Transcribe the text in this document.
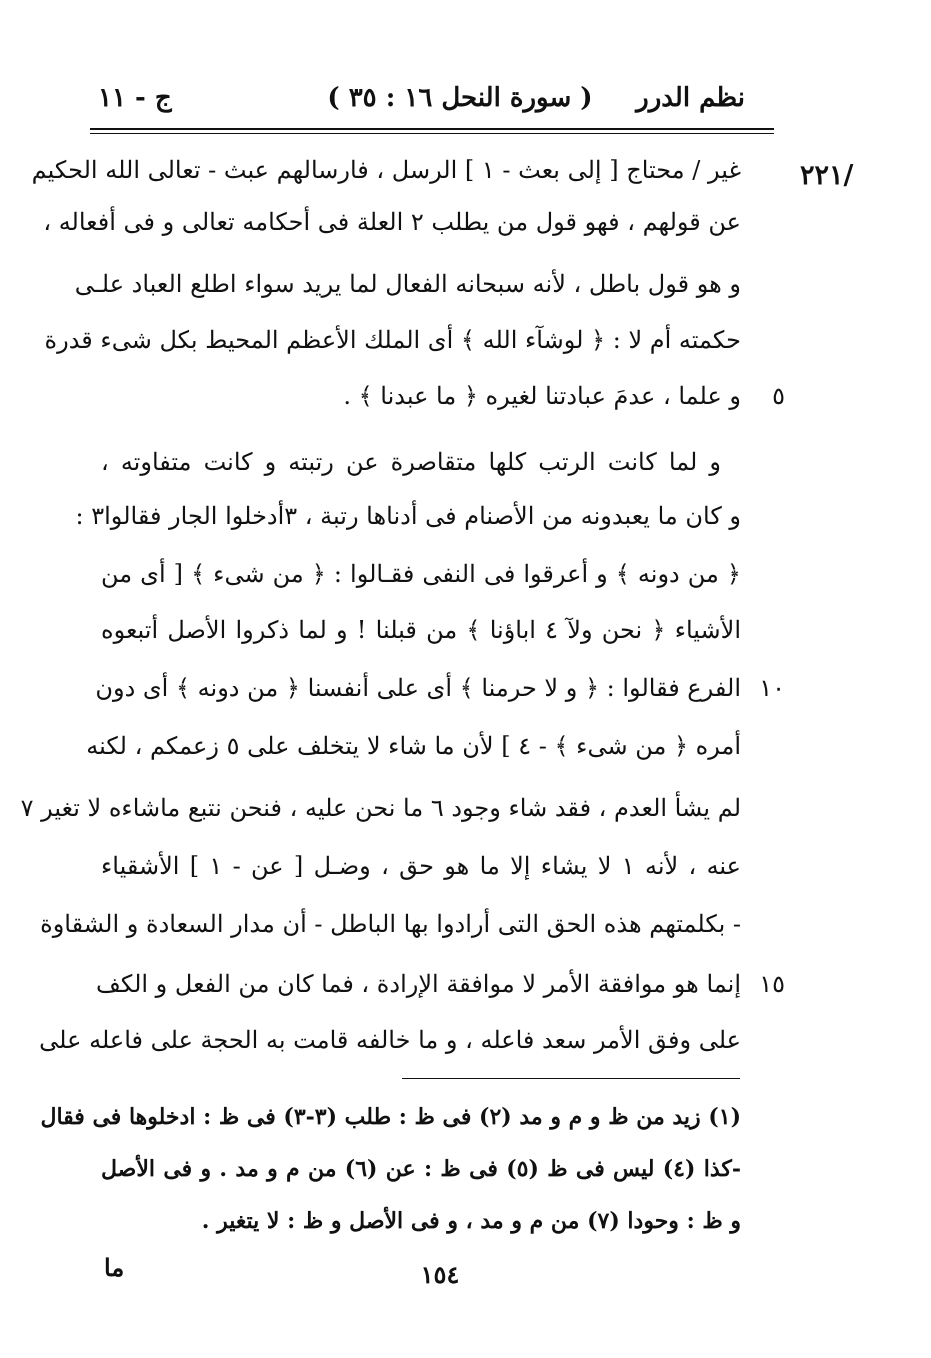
نظم الدرر
( سورة النحل ١٦ : ٣٥ )
ج - ١١
/٢٢١
غير / محتاج [ إلى بعث - ١ ] الرسل ، فارسالهم عبث - تعالى الله الحكيم
عن قولهم ، فهو قول من يطلب ٢ العلة فى أحكامه تعالى و فى أفعاله ،
و هو قول باطل ، لأنه سبحانه الفعال لما يريد سواء اطلع العباد علـى
حكمته أم لا : ﴿ لوشآء الله ﴾ أى الملك الأعظم المحيط بكل شىء قدرة
و علما ، عدمَ عبادتنا لغيره ﴿ ما عبدنا ﴾ .	٥
و لما كانت الرتب كلها متقاصرة عن رتبته و كانت متفاوته ،
و كان ما يعبدونه من الأصنام فى أدناها رتبة ، ٣أدخلوا الجار فقالوا٣ :
﴿ من دونه ﴾ و أعرقوا فى النفى فقـالوا : ﴿ من شىء ﴾ [ أى من
الأشياء ﴿ نحن ولآ ٤ اباؤنا ﴾ من قبلنا ! و لما ذكروا الأصل أتبعوه
الفرع فقالوا : ﴿ و لا حرمنا ﴾ أى على أنفسنا ﴿ من دونه ﴾ أى دون ١٠
أمره ﴿ من شىء ﴾ - ٤ ] لأن ما شاء لا يتخلف على ٥ زعمكم ، لكنه
لم يشأ العدم ، فقد شاء وجود ٦ ما نحن عليه ، فنحن نتبع ماشاءه لا تغير ٧
عنه ، لأنه ١ لا يشاء إلا ما هو حق ، وضـل [ عن - ١ ] الأشقياء
- بكلمتهم هذه الحق التى أرادوا بها الباطل - أن مدار السعادة و الشقاوة
إنما هو موافقة الأمر لا موافقة الإرادة ، فما كان من الفعل و الكف ١٥
على وفق الأمر سعد فاعله ، و ما خالفه قامت به الحجة على فاعله على
(١) زيد من ظ و م و مد (٢) فى ظ : طلب (٣-٣) فى ظ : ادخلوها فى فقال
-كذا (٤) ليس فى ظ (٥) فى ظ : عن (٦) من م و مد . و فى الأصل
و ظ : وحودا (٧) من م و مد ، و فى الأصل و ظ : لا يتغير .
١٥٤
ما
